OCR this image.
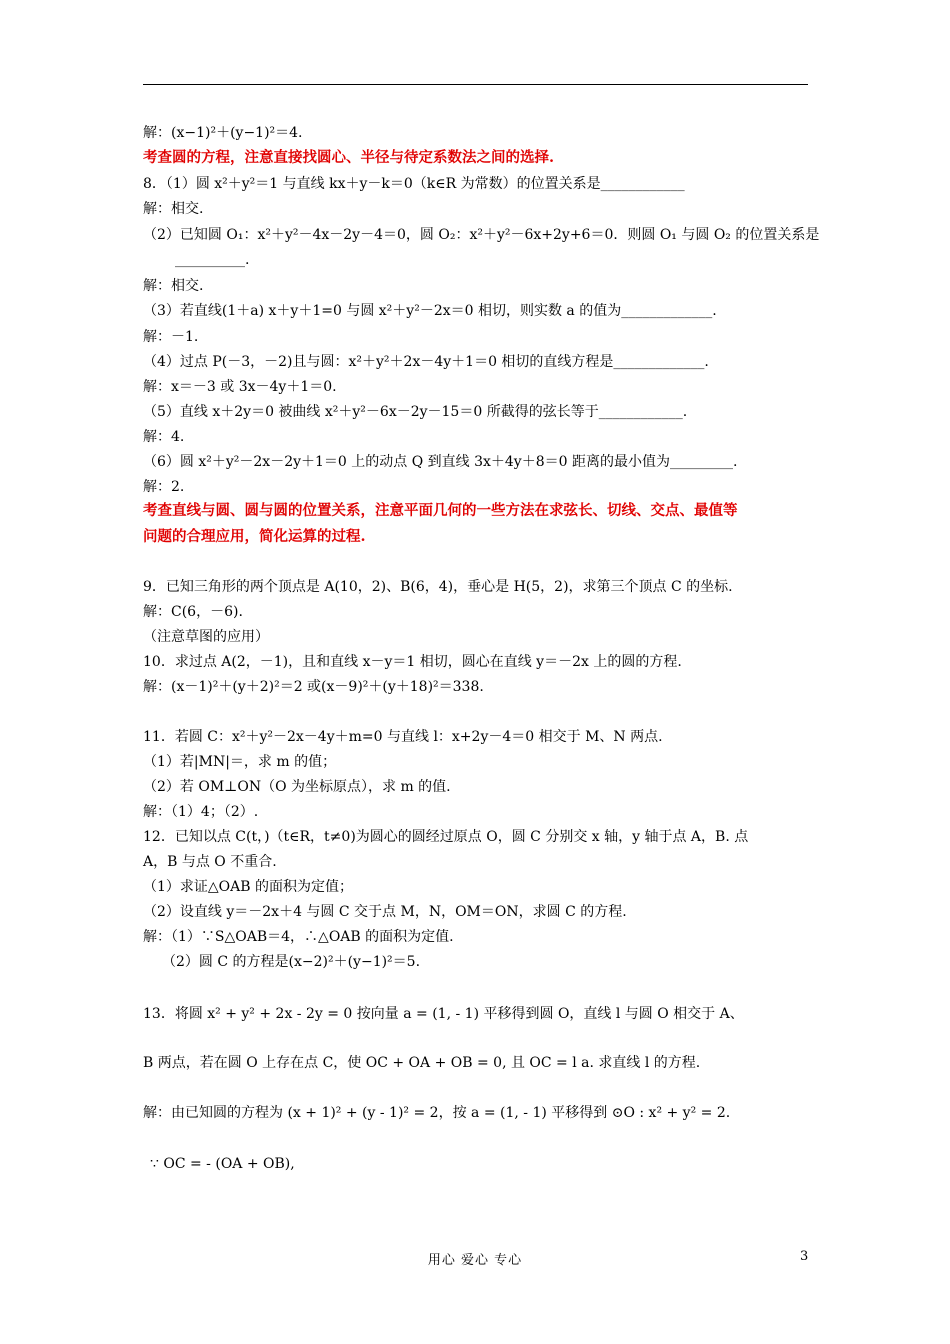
解：(x−1)²＋(y−1)²＝4.
考查圆的方程，注意直接找圆心、半径与待定系数法之间的选择.
8．（1）圆 x²＋y²＝1 与直线 kx＋y－k＝0（k∈R 为常数）的位置关系是____________
解：相交.
（2）已知圆 O₁：x²＋y²－4x－2y－4＝0，圆 O₂：x²＋y²－6x+2y+6＝0．则圆 O₁ 与圆 O₂ 的位置关系是
__________.
解：相交.
（3）若直线(1＋a) x＋y＋1=0 与圆 x²＋y²－2x＝0 相切，则实数 a 的值为_____________.
解：－1.
（4）过点 P(－3，－2)且与圆：x²＋y²＋2x－4y＋1＝0 相切的直线方程是_____________.
解：x＝－3 或 3x－4y＋1＝0.
（5）直线 x＋2y＝0 被曲线 x²＋y²－6x－2y－15＝0 所截得的弦长等于____________.
解：4.
（6）圆 x²＋y²－2x－2y＋1＝0 上的动点 Q 到直线 3x＋4y＋8＝0 距离的最小值为_________.
解：2.
考查直线与圆、圆与圆的位置关系，注意平面几何的一些方法在求弦长、切线、交点、最值等
问题的合理应用，简化运算的过程.
9．已知三角形的两个顶点是 A(10，2)、B(6，4)，垂心是 H(5，2)，求第三个顶点 C 的坐标.
解：C(6，－6).
（注意草图的应用）
10．求过点 A(2，－1)，且和直线 x－y＝1 相切，圆心在直线 y＝－2x 上的圆的方程.
解：(x－1)²＋(y＋2)²＝2 或(x－9)²＋(y＋18)²＝338.
11．若圆 C：x²＋y²－2x－4y＋m=0 与直线 l：x+2y－4＝0 相交于 M、N 两点.
（1）若|MN|＝，求 m 的值；
（2）若 OM⊥ON（O 为坐标原点），求 m 的值.
解：（1）4；（2）.
12．已知以点 C(t，)（t∈R，t≠0)为圆心的圆经过原点 O，圆 C 分别交 x 轴，y 轴于点 A，B. 点
A，B 与点 O 不重合.
（1）求证△OAB 的面积为定值；
（2）设直线 y＝－2x＋4 与圆 C 交于点 M，N，OM＝ON，求圆 C 的方程.
解：（1）∵S△OAB＝4，∴△OAB 的面积为定值.
（2）圆 C 的方程是(x−2)²＋(y−1)²＝5.
13．将圆 x² + y² + 2x - 2y = 0 按向量 a = (1, - 1) 平移得到圆 O，直线 l 与圆 O 相交于 A、
B 两点，若在圆 O 上存在点 C，使 OC + OA + OB = 0, 且 OC = l a. 求直线 l 的方程.
解：由已知圆的方程为 (x + 1)² + (y - 1)² = 2，按 a = (1, - 1) 平移得到 ⊙O : x² + y² = 2.
∵ OC = - (OA + OB),
用心 爱心 专心	3
